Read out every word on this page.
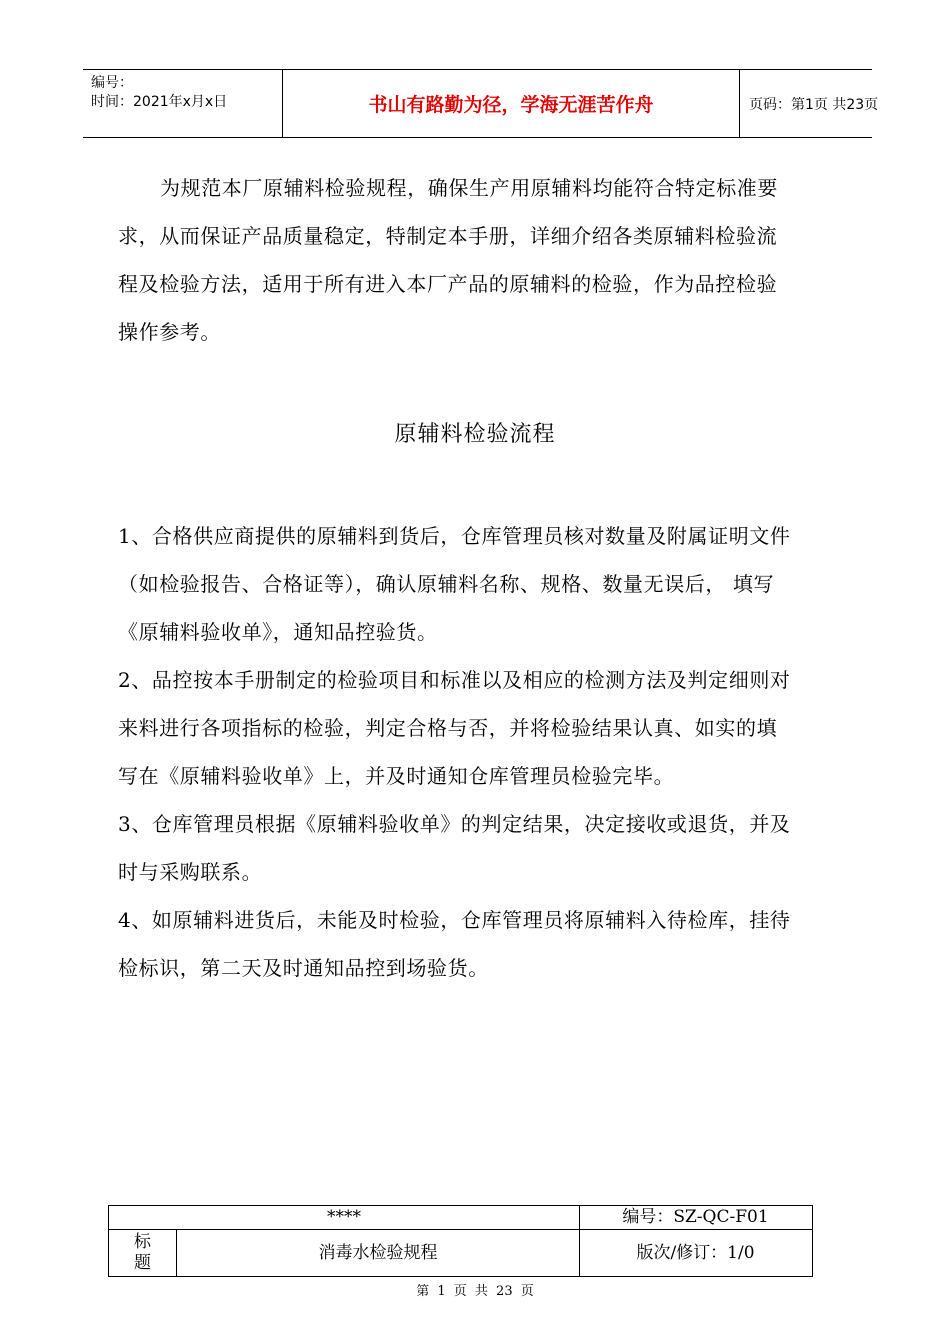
编号：
时间：2021年x月x日	书山有路勤为径，学海无涯苦作舟	页码：第1页 共23页
为规范本厂原辅料检验规程，确保生产用原辅料均能符合特定标准要
求，从而保证产品质量稳定，特制定本手册，详细介绍各类原辅料检验流
程及检验方法，适用于所有进入本厂产品的原辅料的检验，作为品控检验
操作参考。
原辅料检验流程
1、合格供应商提供的原辅料到货后，仓库管理员核对数量及附属证明文件
（如检验报告、合格证等），确认原辅料名称、规格、数量无误后， 填写
《原辅料验收单》，通知品控验货。
2、品控按本手册制定的检验项目和标准以及相应的检测方法及判定细则对
来料进行各项指标的检验，判定合格与否，并将检验结果认真、如实的填
写在《原辅料验收单》上，并及时通知仓库管理员检验完毕。
3、仓库管理员根据《原辅料验收单》的判定结果，决定接收或退货，并及
时与采购联系。
4、如原辅料进货后，未能及时检验，仓库管理员将原辅料入待检库，挂待
检标识，第二天及时通知品控到场验货。
****	编号：SZ-QC-F01
标
题	消毒水检验规程	版次/修订：1/0
第 1 页 共 23 页
